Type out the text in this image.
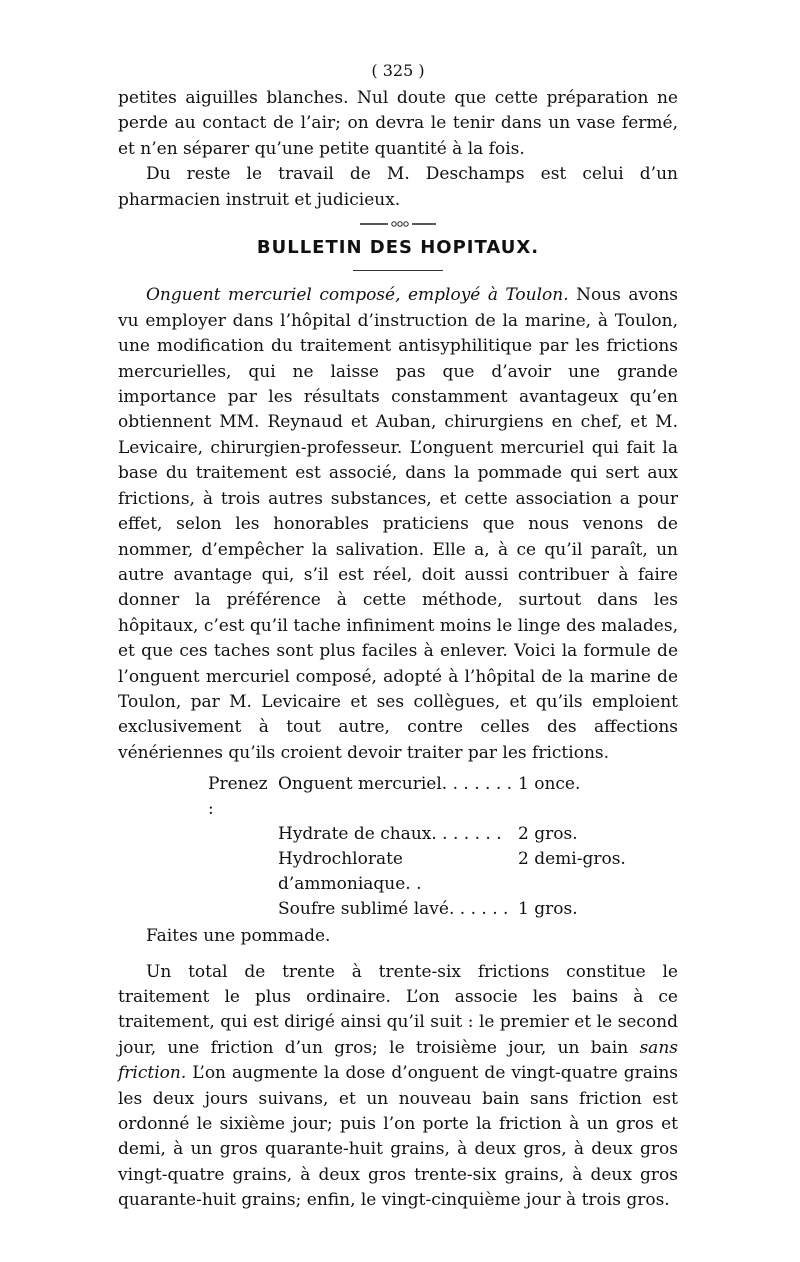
( 325 )

petites aiguilles blanches. Nul doute que cette préparation ne perde au contact de l’air; on devra le tenir dans un vase fermé, et n’en séparer qu’une petite quantité à la fois.

Du reste le travail de M. Deschamps est celui d’un pharmacien instruit et judicieux.

BULLETIN DES HOPITAUX.

Onguent mercuriel composé, employé à Toulon. Nous avons vu employer dans l’hôpital d’instruction de la marine, à Toulon, une modification du traitement antisyphilitique par les frictions mercurielles, qui ne laisse pas que d’avoir une grande importance par les résultats constamment avantageux qu’en obtiennent MM. Reynaud et Auban, chirurgiens en chef, et M. Levicaire, chirurgien-professeur. L’onguent mercuriel qui fait la base du traitement est associé, dans la pommade qui sert aux frictions, à trois autres substances, et cette association a pour effet, selon les honorables praticiens que nous venons de nommer, d’empêcher la salivation. Elle a, à ce qu’il paraît, un autre avantage qui, s’il est réel, doit aussi contribuer à faire donner la préférence à cette méthode, surtout dans les hôpitaux, c’est qu’il tache infiniment moins le linge des malades, et que ces taches sont plus faciles à enlever. Voici la formule de l’onguent mercuriel composé, adopté à l’hôpital de la marine de Toulon, par M. Levicaire et ses collègues, et qu’ils emploient exclusivement à tout autre, contre celles des affections vénériennes qu’ils croient devoir traiter par les frictions.

Prenez :
Onguent mercuriel. . . . . . . 1 once.
Hydrate de chaux. . . . . . . 2 gros.
Hydrochlorate d’ammoniaque. .
2 demi-gros.
Soufre sublimé lavé. . . . . . 1 gros.
Faites une pommade.

Un total de trente à trente-six frictions constitue le traitement le plus ordinaire. L’on associe les bains à ce traitement, qui est dirigé ainsi qu’il suit : le premier et le second jour, une friction d’un gros; le troisième jour, un bain sans friction. L’on augmente la dose d’onguent de vingt-quatre grains les deux jours suivans, et un nouveau bain sans friction est ordonné le sixième jour; puis l’on porte la friction à un gros et demi, à un gros quarante-huit grains, à deux gros, à deux gros vingt-quatre grains, à deux gros trente-six grains, à deux gros quarante-huit grains; enfin, le vingt-cinquième jour à trois gros.
